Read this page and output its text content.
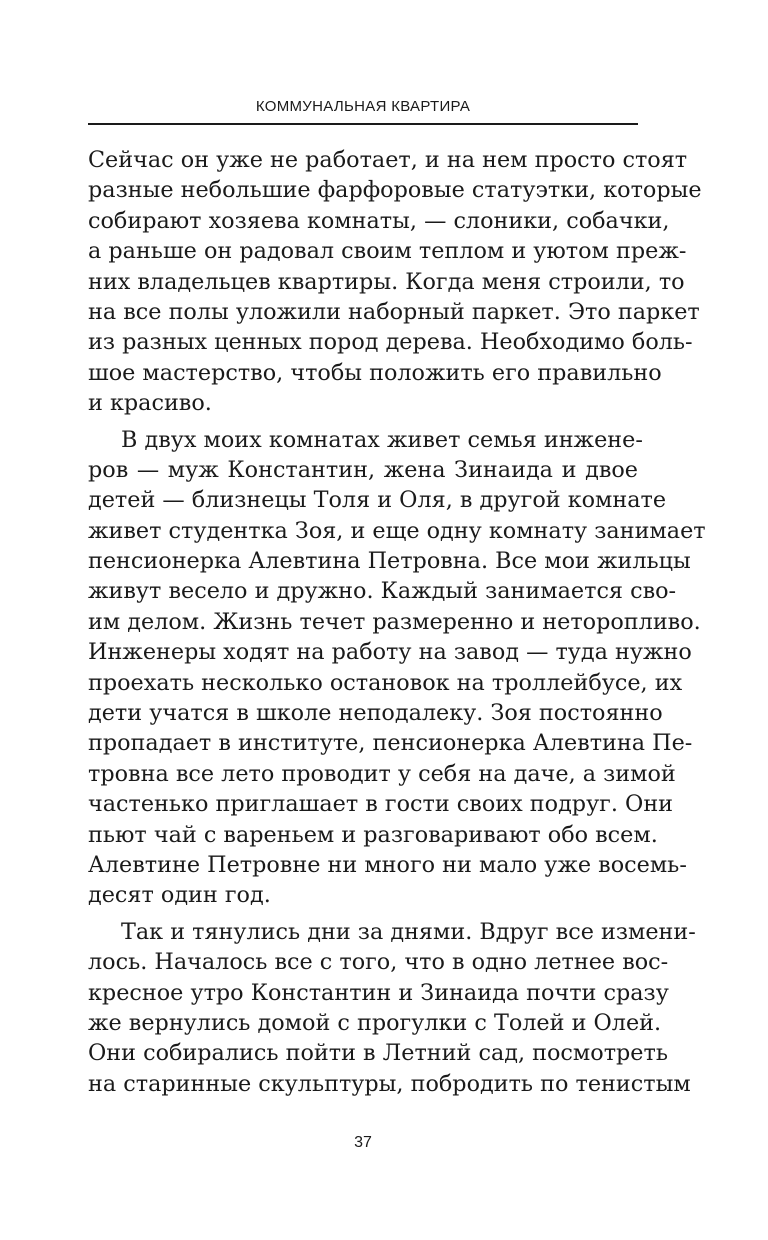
КОММУНАЛЬНАЯ КВАРТИРА
Сейчас он уже не работает, и на нем просто стоят
разные небольшие фарфоровые статуэтки, которые
собирают хозяева комнаты, — слоники, собачки,
а раньше он радовал своим теплом и уютом преж-
них владельцев квартиры. Когда меня строили, то
на все полы уложили наборный паркет. Это паркет
из разных ценных пород дерева. Необходимо боль-
шое мастерство, чтобы положить его правильно
и красиво.
В двух моих комнатах живет семья инжене-
ров — муж Константин, жена Зинаида и двое
детей — близнецы Толя и Оля, в другой комнате
живет студентка Зоя, и еще одну комнату занимает
пенсионерка Алевтина Петровна. Все мои жильцы
живут весело и дружно. Каждый занимается сво-
им делом. Жизнь течет размеренно и неторопливо.
Инженеры ходят на работу на завод — туда нужно
проехать несколько остановок на троллейбусе, их
дети учатся в школе неподалеку. Зоя постоянно
пропадает в институте, пенсионерка Алевтина Пе-
тровна все лето проводит у себя на даче, а зимой
частенько приглашает в гости своих подруг. Они
пьют чай с вареньем и разговаривают обо всем.
Алевтине Петровне ни много ни мало уже восемь-
десят один год.
Так и тянулись дни за днями. Вдруг все измени-
лось. Началось все с того, что в одно летнее вос-
кресное утро Константин и Зинаида почти сразу
же вернулись домой с прогулки с Толей и Олей.
Они собирались пойти в Летний сад, посмотреть
на старинные скульптуры, побродить по тенистым
37
